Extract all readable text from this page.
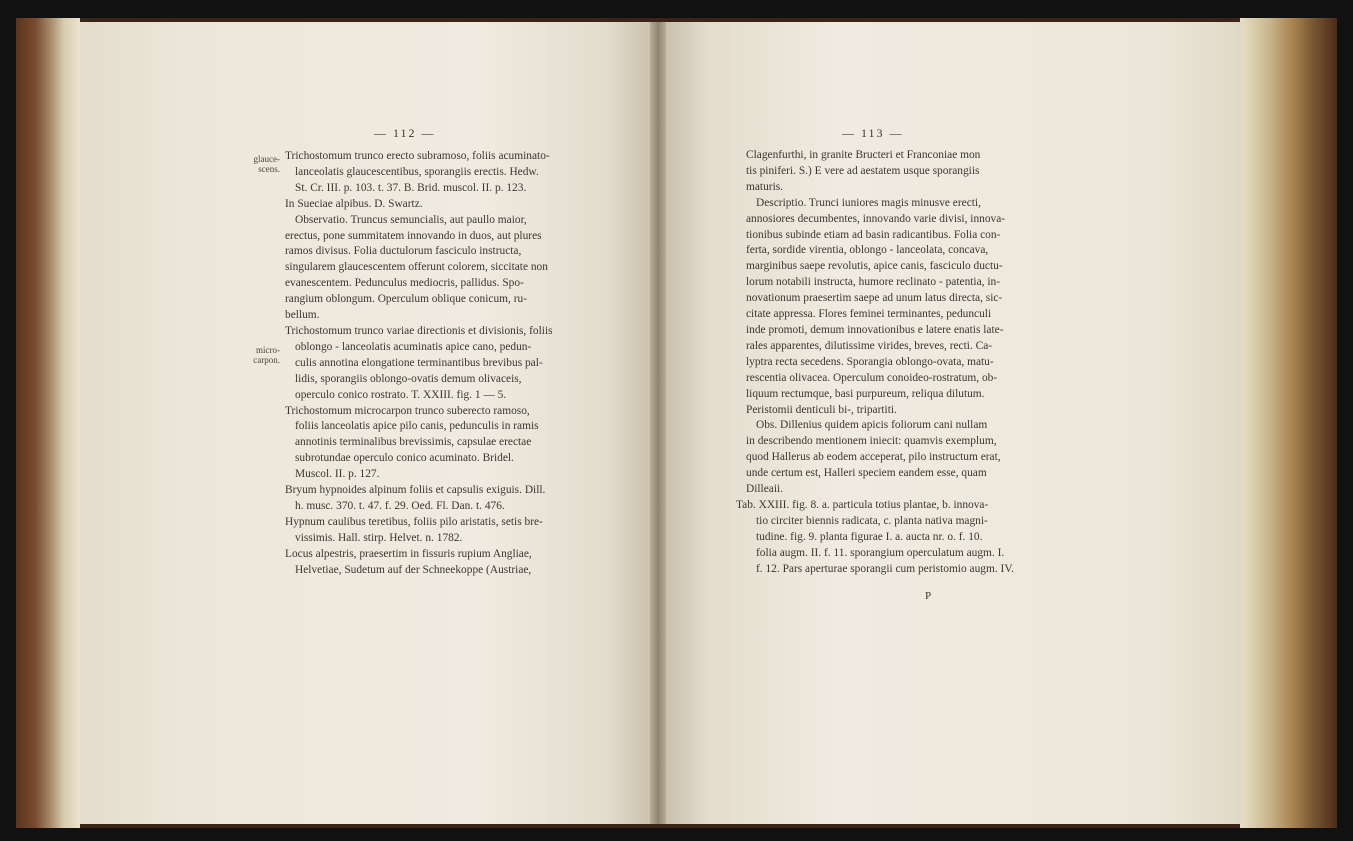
— 112 —
glauce-
scens.
micro-
carpon.
Trichostomum trunco erecto subramoso, foliis acuminato-
lanceolatis glaucescentibus, sporangiis erectis. Hedw.
St. Cr. III. p. 103. t. 37. B. Brid. muscol. II. p. 123.
In Sueciae alpibus. D. Swartz.
Observatio. Truncus semuncialis, aut paullo maior,
erectus, pone summitatem innovando in duos, aut plures
ramos divisus. Folia ductulorum fasciculo instructa,
singularem glaucescentem offerunt colorem, siccitate non
evanescentem. Pedunculus mediocris, pallidus. Spo-
rangium oblongum. Operculum oblique conicum, ru-
bellum.
Trichostomum trunco variae directionis et divisionis, foliis
oblongo - lanceolatis acuminatis apice cano, pedun-
culis annotina elongatione terminantibus brevibus pal-
lidis, sporangiis oblongo-ovatis demum olivaceis,
operculo conico rostrato. T. XXIII. fig. 1 — 5.
Trichostomum microcarpon trunco suberecto ramoso,
foliis lanceolatis apice pilo canis, pedunculis in ramis
annotinis terminalibus brevissimis, capsulae erectae
subrotundae operculo conico acuminato. Bridel.
Muscol. II. p. 127.
Bryum hypnoides alpinum foliis et capsulis exiguis. Dill.
h. musc. 370. t. 47. f. 29. Oed. Fl. Dan. t. 476.
Hypnum caulibus teretibus, foliis pilo aristatis, setis bre-
vissimis. Hall. stirp. Helvet. n. 1782.
Locus alpestris, praesertim in fissuris rupium Angliae,
Helvetiae, Sudetum auf der Schneekoppe (Austriae,
— 113 —
Clagenfurthi, in granite Bructeri et Franconiae mon
tis piniferi. S.) E vere ad aestatem usque sporangiis
maturis.
Descriptio. Trunci iuniores magis minusve erecti,
annosiores decumbentes, innovando varie divisi, innova-
tionibus subinde etiam ad basin radicantibus. Folia con-
ferta, sordide virentia, oblongo - lanceolata, concava,
marginibus saepe revolutis, apice canis, fasciculo ductu-
lorum notabili instructa, humore reclinato - patentia, in-
novationum praesertim saepe ad unum latus directa, sic-
citate appressa. Flores feminei terminantes, pedunculi
inde promoti, demum innovationibus e latere enatis late-
rales apparentes, dilutissime virides, breves, recti. Ca-
lyptra recta secedens. Sporangia oblongo-ovata, matu-
rescentia olivacea. Operculum conoideo-rostratum, ob-
liquum rectumque, basi purpureum, reliqua dilutum.
Peristomii denticuli bi-, tripartiti.
Obs. Dillenius quidem apicis foliorum cani nullam
in describendo mentionem iniecit: quamvis exemplum,
quod Hallerus ab eodem acceperat, pilo instructum erat,
unde certum est, Halleri speciem eandem esse, quam
Dilleaii.
Tab. XXIII. fig. 8. a. particula totius plantae, b. innova-
tio circiter biennis radicata, c. planta nativa magni-
tudine. fig. 9. planta figurae I. a. aucta nr. o. f. 10.
folia augm. II. f. 11. sporangium operculatum augm. I.
f. 12. Pars aperturae sporangii cum peristomio augm. IV.
P
